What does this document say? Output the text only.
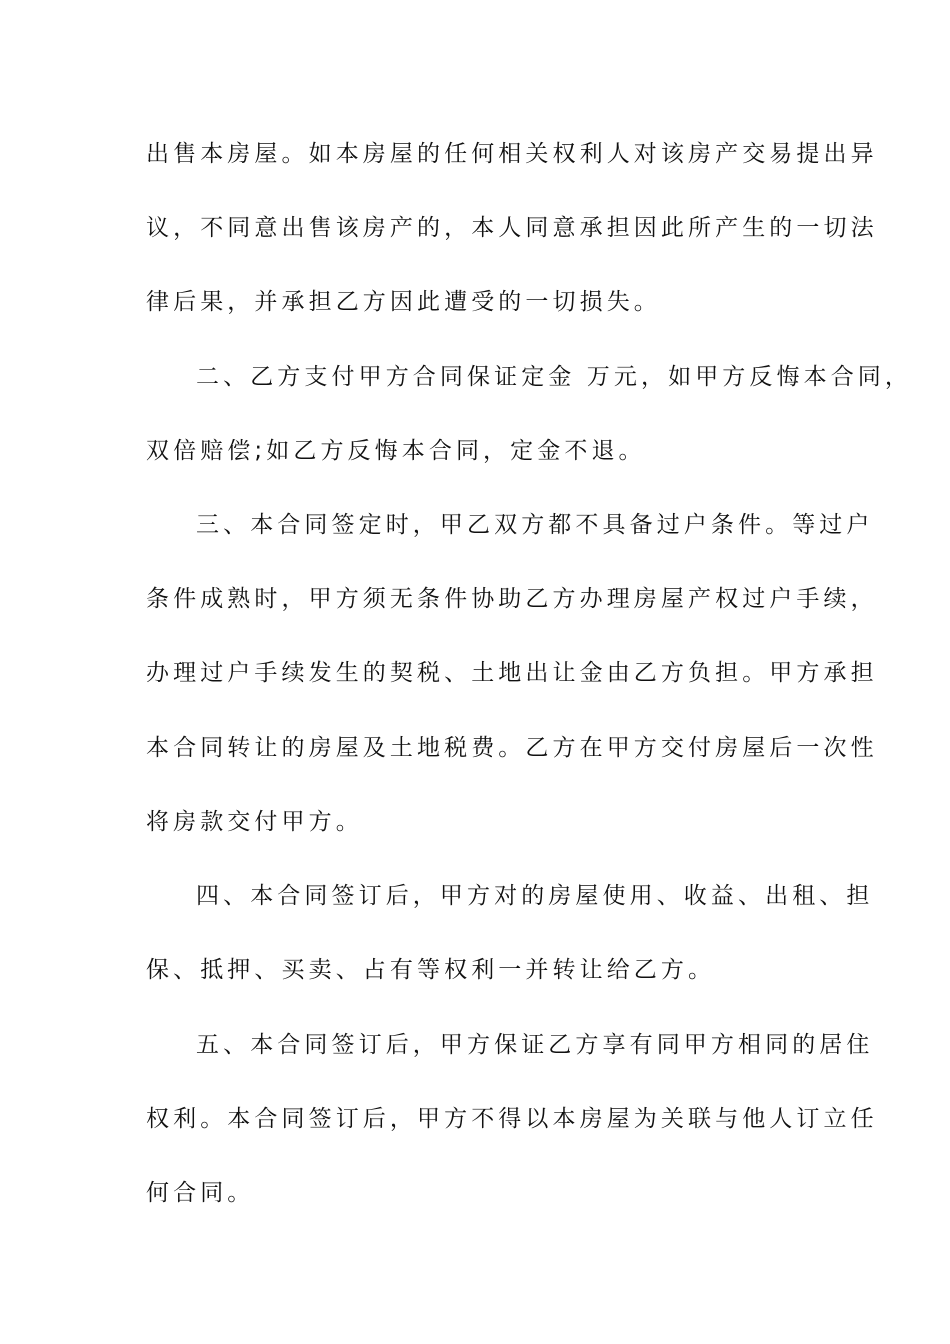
出售本房屋。如本房屋的任何相关权利人对该房产交易提出异
议，不同意出售该房产的，本人同意承担因此所产生的一切法
律后果，并承担乙方因此遭受的一切损失。
二、乙方支付甲方合同保证定金 万元，如甲方反悔本合同，
双倍赔偿;如乙方反悔本合同，定金不退。
三、本合同签定时，甲乙双方都不具备过户条件。等过户
条件成熟时，甲方须无条件协助乙方办理房屋产权过户手续，
办理过户手续发生的契税、土地出让金由乙方负担。甲方承担
本合同转让的房屋及土地税费。乙方在甲方交付房屋后一次性
将房款交付甲方。
四、本合同签订后，甲方对的房屋使用、收益、出租、担
保、抵押、买卖、占有等权利一并转让给乙方。
五、本合同签订后，甲方保证乙方享有同甲方相同的居住
权利。本合同签订后，甲方不得以本房屋为关联与他人订立任
何合同。
